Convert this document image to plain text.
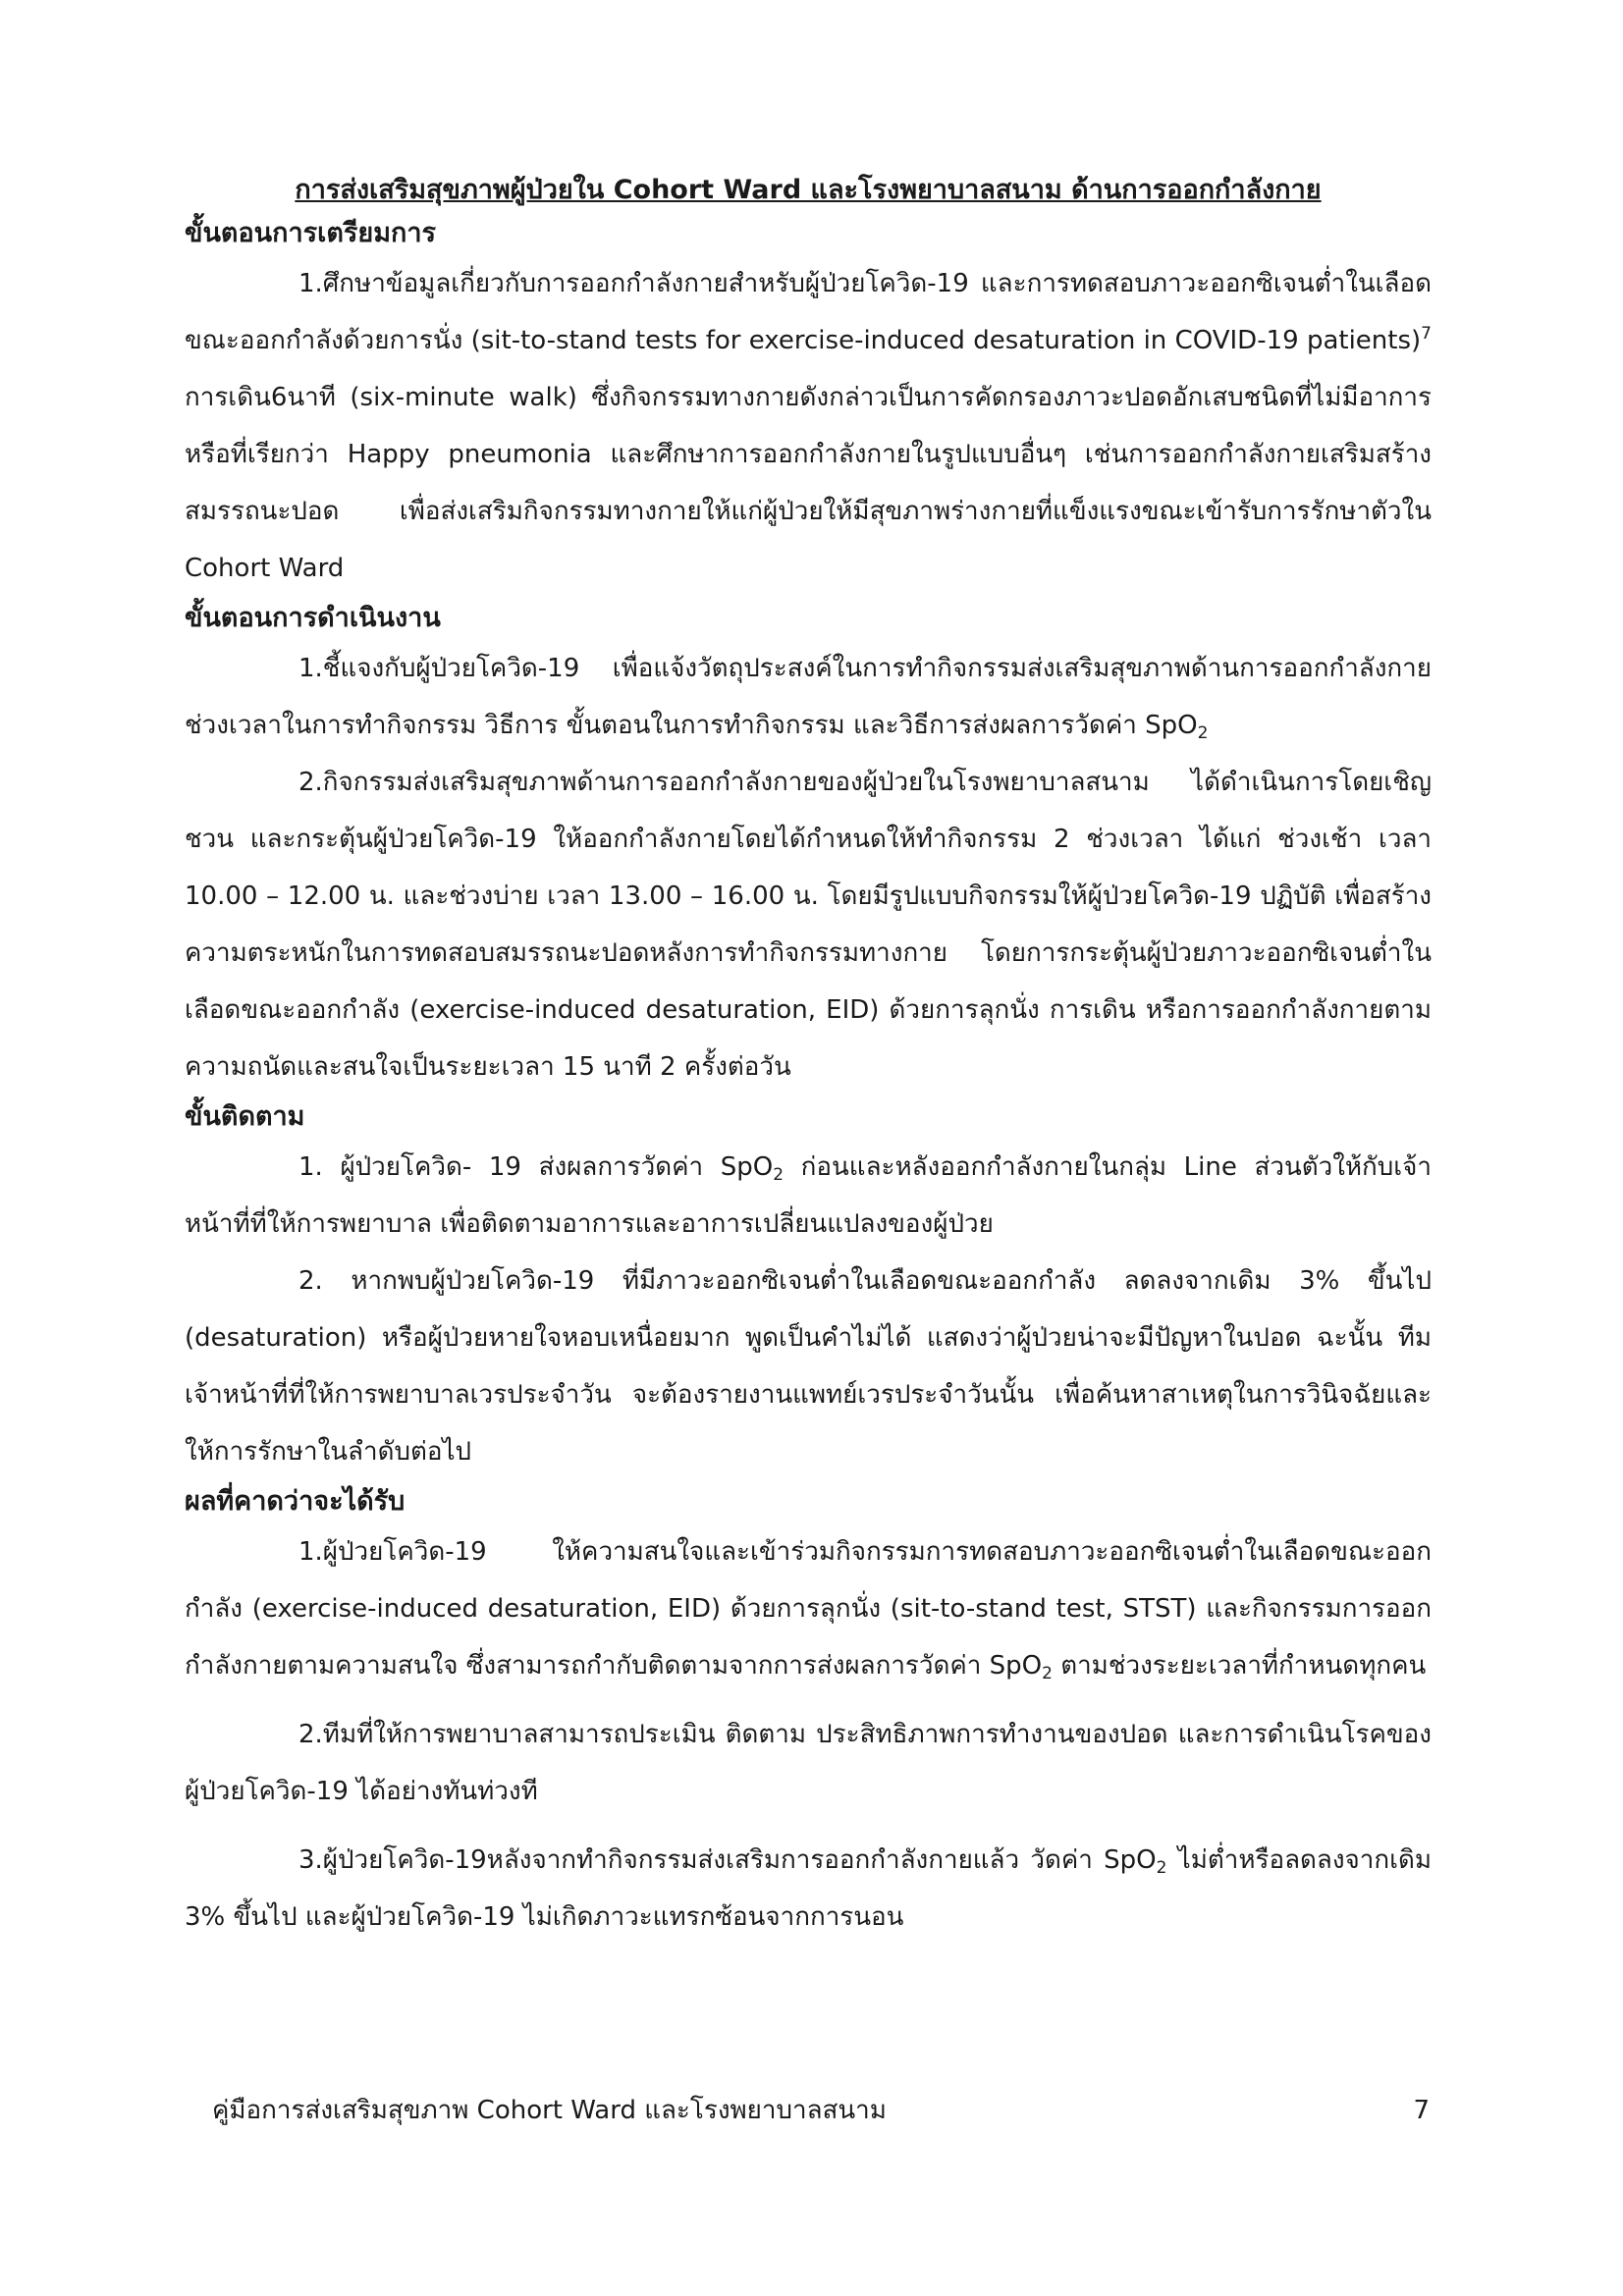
การส่งเสริมสุขภาพผู้ป่วยใน Cohort Ward และโรงพยาบาลสนาม ด้านการออกกำลังกาย

ขั้นตอนการเตรียมการ

1.ศึกษาข้อมูลเกี่ยวกับการออกกำลังกายสำหรับผู้ป่วยโควิด-19 และการทดสอบภาวะออกซิเจนต่ำในเลือดขณะออกกำลังด้วยการนั่ง (sit-to-stand tests for exercise-induced desaturation in COVID-19 patients)$^7$ การเดิน6นาที (six-minute walk) ซึ่งกิจกรรมทางกายดังกล่าวเป็นการคัดกรองภาวะปอดอักเสบชนิดที่ไม่มีอาการหรือที่เรียกว่า Happy pneumonia และศึกษาการออกกำลังกายในรูปแบบอื่นๆ เช่นการออกกำลังกายเสริมสร้างสมรรถนะปอด เพื่อส่งเสริมกิจกรรมทางกายให้แก่ผู้ป่วยให้มีสุขภาพร่างกายที่แข็งแรงขณะเข้ารับการรักษาตัวใน Cohort Ward

ขั้นตอนการดำเนินงาน

1.ชี้แจงกับผู้ป่วยโควิด-19 เพื่อแจ้งวัตถุประสงค์ในการทำกิจกรรมส่งเสริมสุขภาพด้านการออกกำลังกาย ช่วงเวลาในการทำกิจกรรม วิธีการ ขั้นตอนในการทำกิจกรรม และวิธีการส่งผลการวัดค่า SpO$_2$

2.กิจกรรมส่งเสริมสุขภาพด้านการออกกำลังกายของผู้ป่วยในโรงพยาบาลสนาม ได้ดำเนินการโดยเชิญชวน และกระตุ้นผู้ป่วยโควิด-19 ให้ออกกำลังกายโดยได้กำหนดให้ทำกิจกรรม 2 ช่วงเวลา ได้แก่ ช่วงเช้า เวลา 10.00 – 12.00 น. และช่วงบ่าย เวลา 13.00 – 16.00 น. โดยมีรูปแบบกิจกรรมให้ผู้ป่วยโควิด-19 ปฏิบัติ เพื่อสร้างความตระหนักในการทดสอบสมรรถนะปอดหลังการทำกิจกรรมทางกาย โดยการกระตุ้นผู้ป่วยภาวะออกซิเจนต่ำในเลือดขณะออกกำลัง (exercise-induced desaturation, EID) ด้วยการลุกนั่ง การเดิน หรือการออกกำลังกายตามความถนัดและสนใจเป็นระยะเวลา 15 นาที 2 ครั้งต่อวัน

ขั้นติดตาม

1. ผู้ป่วยโควิด- 19 ส่งผลการวัดค่า SpO$_2$ ก่อนและหลังออกกำลังกายในกลุ่ม Line ส่วนตัวให้กับเจ้าหน้าที่ที่ให้การพยาบาล เพื่อติดตามอาการและอาการเปลี่ยนแปลงของผู้ป่วย

2. หากพบผู้ป่วยโควิด-19 ที่มีภาวะออกซิเจนต่ำในเลือดขณะออกกำลัง ลดลงจากเดิม 3% ขึ้นไป (desaturation) หรือผู้ป่วยหายใจหอบเหนื่อยมาก พูดเป็นคำไม่ได้ แสดงว่าผู้ป่วยน่าจะมีปัญหาในปอด ฉะนั้น ทีมเจ้าหน้าที่ที่ให้การพยาบาลเวรประจำวัน จะต้องรายงานแพทย์เวรประจำวันนั้น เพื่อค้นหาสาเหตุในการวินิจฉัยและให้การรักษาในลำดับต่อไป

ผลที่คาดว่าจะได้รับ

1.ผู้ป่วยโควิด-19 ให้ความสนใจและเข้าร่วมกิจกรรมการทดสอบภาวะออกซิเจนต่ำในเลือดขณะออกกำลัง (exercise-induced desaturation, EID) ด้วยการลุกนั่ง (sit-to-stand test, STST) และกิจกรรมการออกกำลังกายตามความสนใจ ซึ่งสามารถกำกับติดตามจากการส่งผลการวัดค่า SpO$_2$ ตามช่วงระยะเวลาที่กำหนดทุกคน

2.ทีมที่ให้การพยาบาลสามารถประเมิน ติดตาม ประสิทธิภาพการทำงานของปอด และการดำเนินโรคของผู้ป่วยโควิด-19 ได้อย่างทันท่วงที

3.ผู้ป่วยโควิด-19หลังจากทำกิจกรรมส่งเสริมการออกกำลังกายแล้ว วัดค่า SpO$_2$ ไม่ต่ำหรือลดลงจากเดิม 3% ขึ้นไป และผู้ป่วยโควิด-19 ไม่เกิดภาวะแทรกซ้อนจากการนอน

คู่มือการส่งเสริมสุขภาพ Cohort Ward และโรงพยาบาลสนาม	7
